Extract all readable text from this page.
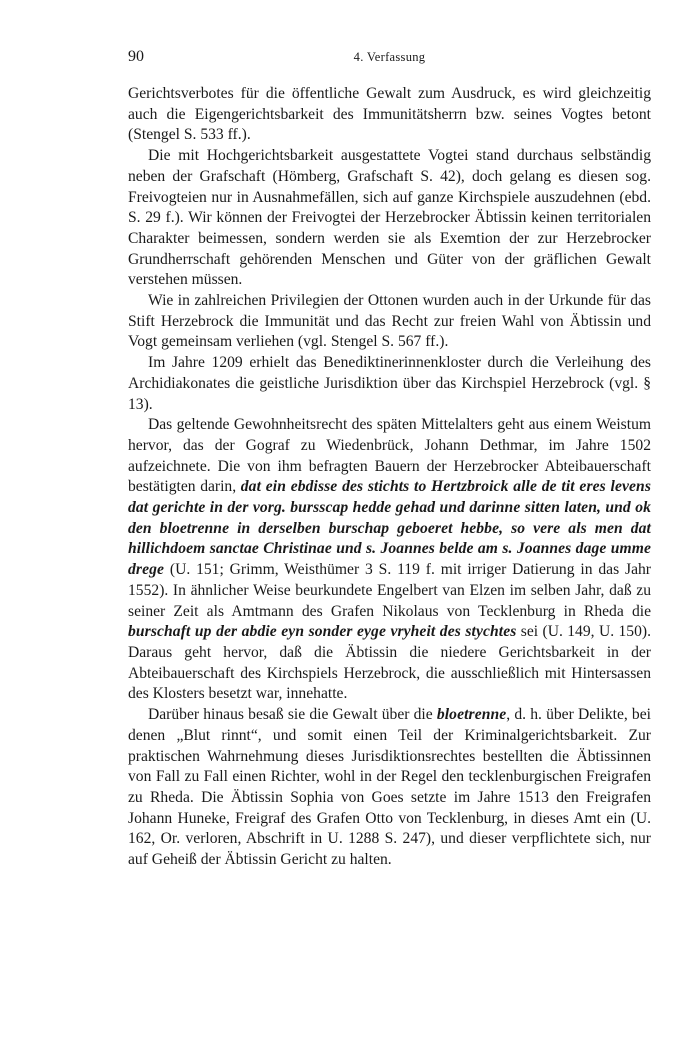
90	4. Verfassung

Gerichtsverbotes für die öffentliche Gewalt zum Ausdruck, es wird gleichzeitig auch die Eigengerichtsbarkeit des Immunitätsherrn bzw. seines Vogtes betont (Stengel S. 533 ff.).

Die mit Hochgerichtsbarkeit ausgestattete Vogtei stand durchaus selbständig neben der Grafschaft (Hömberg, Grafschaft S. 42), doch gelang es diesen sog. Freivogteien nur in Ausnahmefällen, sich auf ganze Kirchspiele auszudehnen (ebd. S. 29 f.). Wir können der Freivogtei der Herzebrocker Äbtissin keinen territorialen Charakter beimessen, sondern werden sie als Exemtion der zur Herzebrocker Grundherrschaft gehörenden Menschen und Güter von der gräflichen Gewalt verstehen müssen.

Wie in zahlreichen Privilegien der Ottonen wurden auch in der Urkunde für das Stift Herzebrock die Immunität und das Recht zur freien Wahl von Äbtissin und Vogt gemeinsam verliehen (vgl. Stengel S. 567 ff.).

Im Jahre 1209 erhielt das Benediktinerinnenkloster durch die Verleihung des Archidiakonates die geistliche Jurisdiktion über das Kirchspiel Herzebrock (vgl. § 13).

Das geltende Gewohnheitsrecht des späten Mittelalters geht aus einem Weistum hervor, das der Gograf zu Wiedenbrück, Johann Dethmar, im Jahre 1502 aufzeichnete. Die von ihm befragten Bauern der Herzebrocker Abteibauerschaft bestätigten darin, dat ein ebdisse des stichts to Hertzbroick alle de tit eres levens dat gerichte in der vorg. bursscap hedde gehad und darinne sitten laten, und ok den bloetrenne in derselben burschap geboeret hebbe, so vere als men dat hillichdoem sanctae Christinae und s. Joannes belde am s. Joannes dage umme drege (U. 151; Grimm, Weisthümer 3 S. 119 f. mit irriger Datierung in das Jahr 1552). In ähnlicher Weise beurkundete Engelbert van Elzen im selben Jahr, daß zu seiner Zeit als Amtmann des Grafen Nikolaus von Tecklenburg in Rheda die burschaft up der abdie eyn sonder eyge vryheit des stychtes sei (U. 149, U. 150). Daraus geht hervor, daß die Äbtissin die niedere Gerichtsbarkeit in der Abteibauerschaft des Kirchspiels Herzebrock, die ausschließlich mit Hintersassen des Klosters besetzt war, innehatte.

Darüber hinaus besaß sie die Gewalt über die bloetrenne, d. h. über Delikte, bei denen „Blut rinnt“, und somit einen Teil der Kriminalgerichtsbarkeit. Zur praktischen Wahrnehmung dieses Jurisdiktionsrechtes bestellten die Äbtissinnen von Fall zu Fall einen Richter, wohl in der Regel den tecklenburgischen Freigrafen zu Rheda. Die Äbtissin Sophia von Goes setzte im Jahre 1513 den Freigrafen Johann Huneke, Freigraf des Grafen Otto von Tecklenburg, in dieses Amt ein (U. 162, Or. verloren, Abschrift in U. 1288 S. 247), und dieser verpflichtete sich, nur auf Geheiß der Äbtissin Gericht zu halten.
